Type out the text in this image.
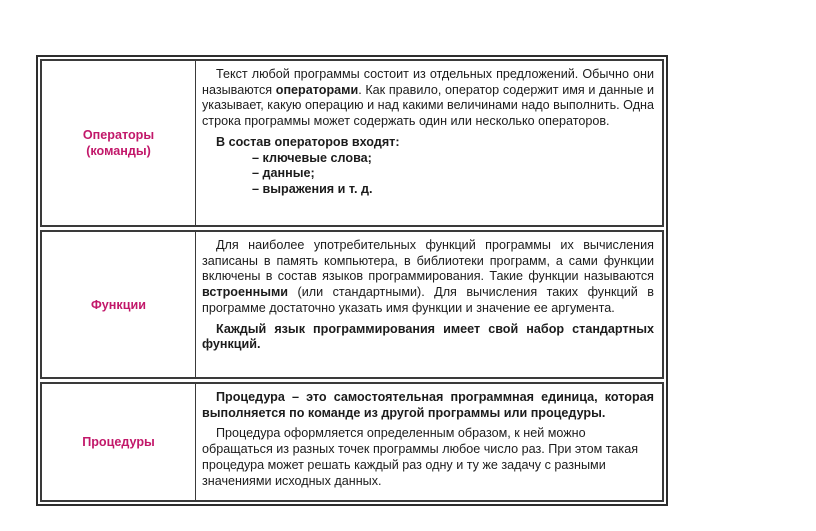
Операторы
(команды)

Текст любой программы состоит из отдельных предложений. Обычно они называются операторами. Как правило, оператор содержит имя и данные и указывает, какую операцию и над какими величинами надо выполнить. Одна строка программы может содержать один или несколько операторов.

В состав операторов входят:

– ключевые слова;
– данные;
– выражения и т. д.
Функции

Для наиболее употребительных функций программы их вычисления записаны в память компьютера, в библиотеки программ, а сами функции включены в состав языков программирования. Такие функции называются встроенными (или стандартными). Для вычисления таких функций в программе достаточно указать имя функции и значение ее аргумента.

Каждый язык программирования имеет свой набор стандартных функций.

Процедуры

Процедура – это самостоятельная программная единица, которая выполняется по команде из другой программы или процедуры.

Процедура оформляется определенным образом, к ней можно обращаться из разных точек программы любое число раз. При этом такая процедура может решать каждый раз одну и ту же задачу с разными значениями исходных данных.
